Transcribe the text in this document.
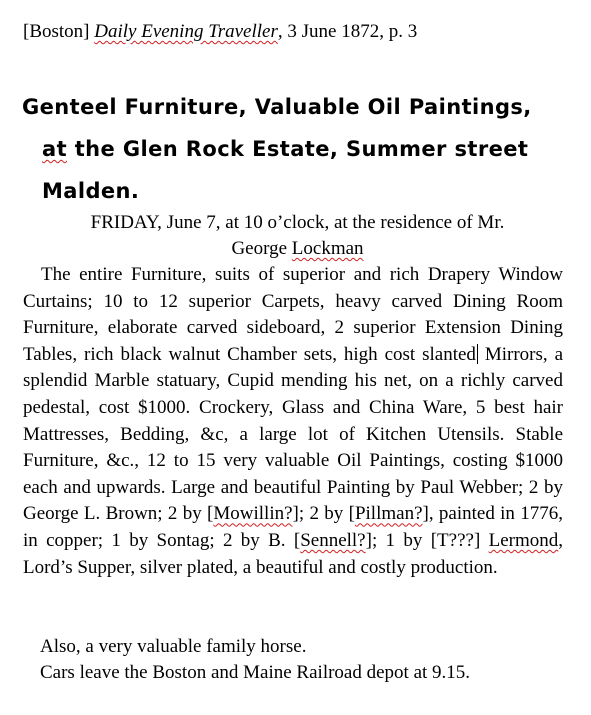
[Boston] Daily Evening Traveller, 3 June 1872, p. 3
Genteel Furniture, Valuable Oil Paintings,
at the Glen Rock Estate, Summer street
Malden.
FRIDAY, June 7, at 10 o’clock, at the residence of Mr.
George Lockman

The entire Furniture, suits of superior and rich Drapery Window Curtains; 10 to 12 superior Carpets, heavy carved Dining Room Furniture, elaborate carved sideboard, 2 superior Extension Dining Tables, rich black walnut Chamber sets, high cost slanted Mirrors, a splendid Marble statuary, Cupid mending his net, on a richly carved pedestal, cost $1000. Crockery, Glass and China Ware, 5 best hair Mattresses, Bedding, &c, a large lot of Kitchen Utensils. Stable Furniture, &c., 12 to 15 very valuable Oil Paintings, costing $1000 each and upwards. Large and beautiful Painting by Paul Webber; 2 by George L. Brown; 2 by [Mowillin?]; 2 by [Pillman?], painted in 1776, in copper; 1 by Sontag; 2 by B. [Sennell?]; 1 by [T???] Lermond, Lord’s Supper, silver plated, a beautiful and costly production.

Also, a very valuable family horse.
Cars leave the Boston and Maine Railroad depot at 9.15.
